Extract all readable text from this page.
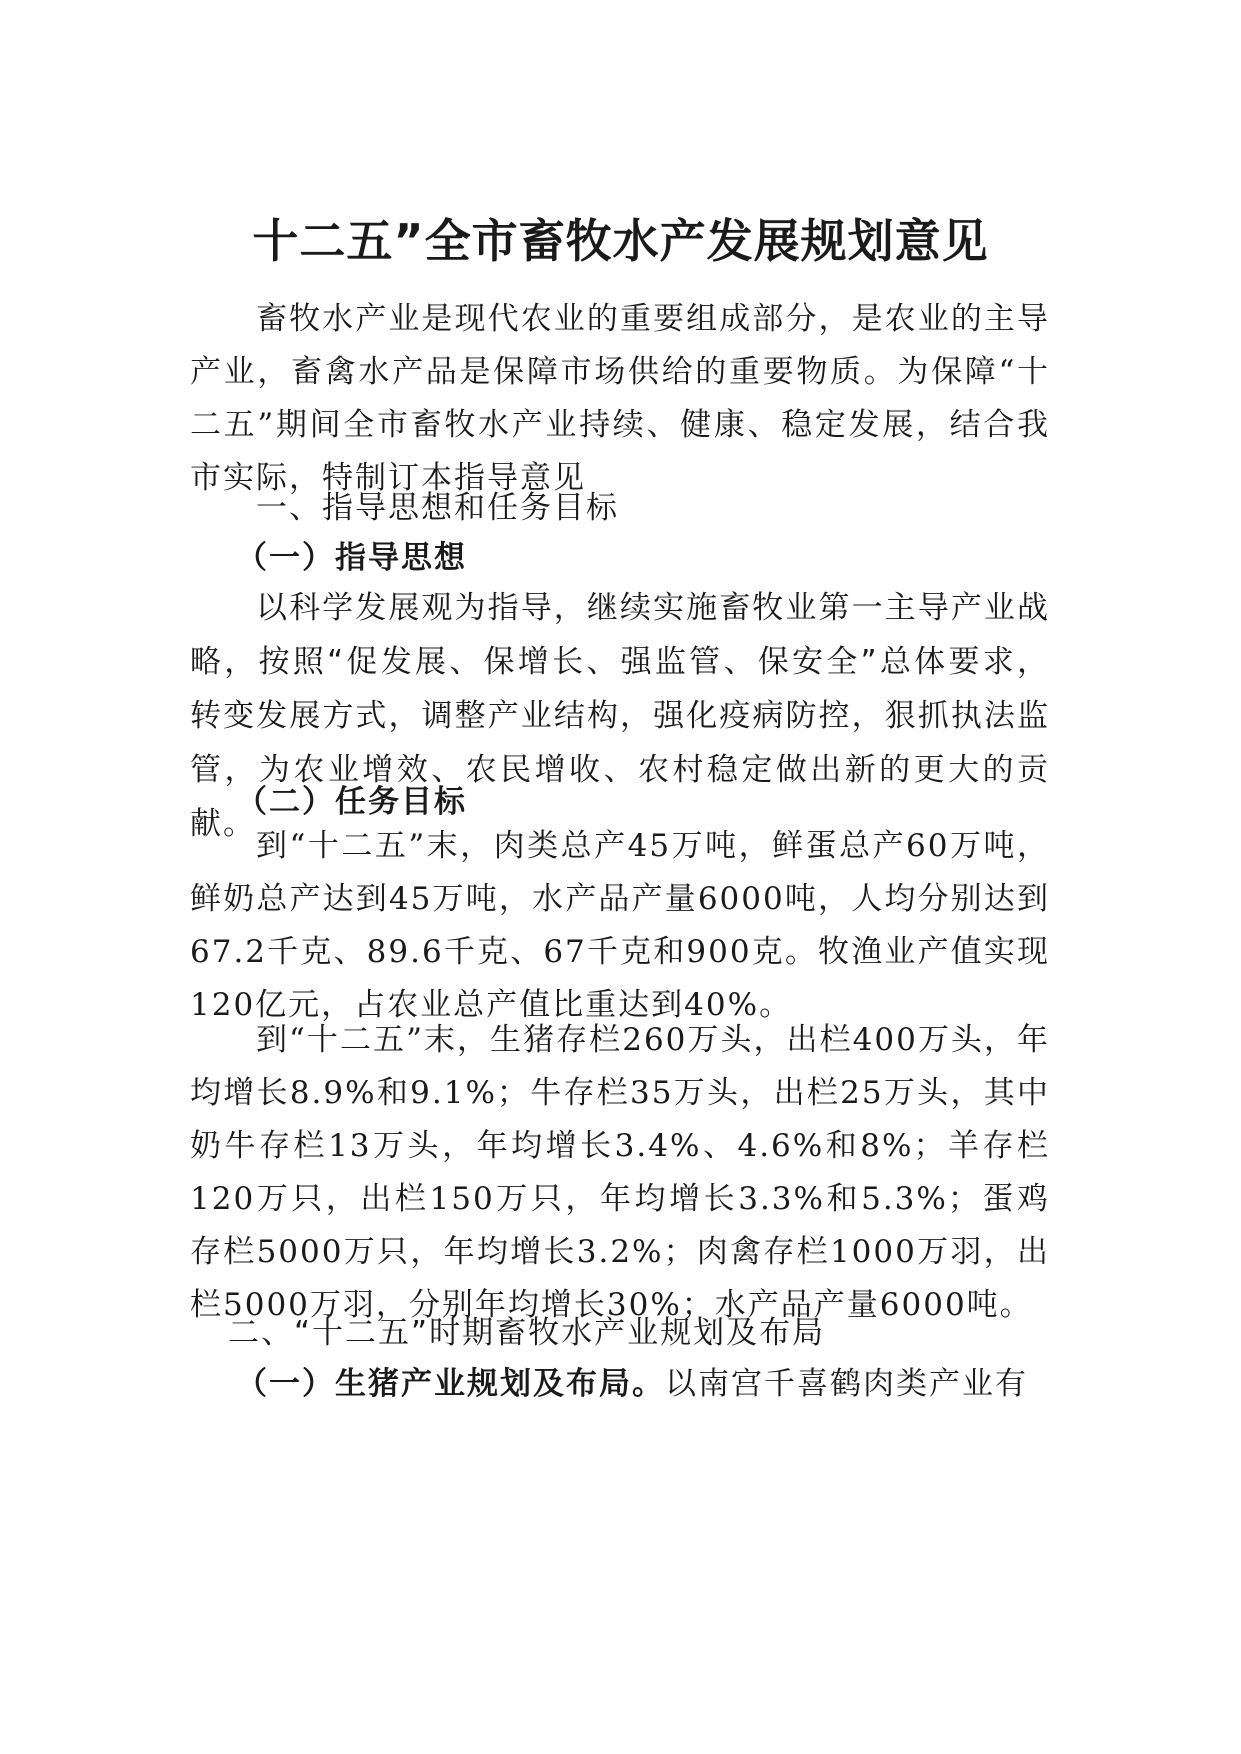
十二五”全市畜牧水产发展规划意见

畜牧水产业是现代农业的重要组成部分，是农业的主导产业，畜禽水产品是保障市场供给的重要物质。为保障“十二五”期间全市畜牧水产业持续、健康、稳定发展，结合我市实际，特制订本指导意见

一、指导思想和任务目标

（一）指导思想

以科学发展观为指导，继续实施畜牧业第一主导产业战略，按照“促发展、保增长、强监管、保安全”总体要求，转变发展方式，调整产业结构，强化疫病防控，狠抓执法监管，为农业增效、农民增收、农村稳定做出新的更大的贡献。

（二）任务目标

到“十二五”末，肉类总产45万吨，鲜蛋总产60万吨，鲜奶总产达到45万吨，水产品产量6000吨，人均分别达到67.2千克、89.6千克、67千克和900克。牧渔业产值实现120亿元，占农业总产值比重达到40%。

到“十二五”末，生猪存栏260万头，出栏400万头，年均增长8.9%和9.1%；牛存栏35万头，出栏25万头，其中奶牛存栏13万头，年均增长3.4%、4.6%和8%；羊存栏120万只，出栏150万只，年均增长3.3%和5.3%；蛋鸡存栏5000万只，年均增长3.2%；肉禽存栏1000万羽，出栏5000万羽，分别年均增长30%；水产品产量6000吨。

二、“十二五”时期畜牧水产业规划及布局

（一）生猪产业规划及布局。以南宫千喜鹤肉类产业有
